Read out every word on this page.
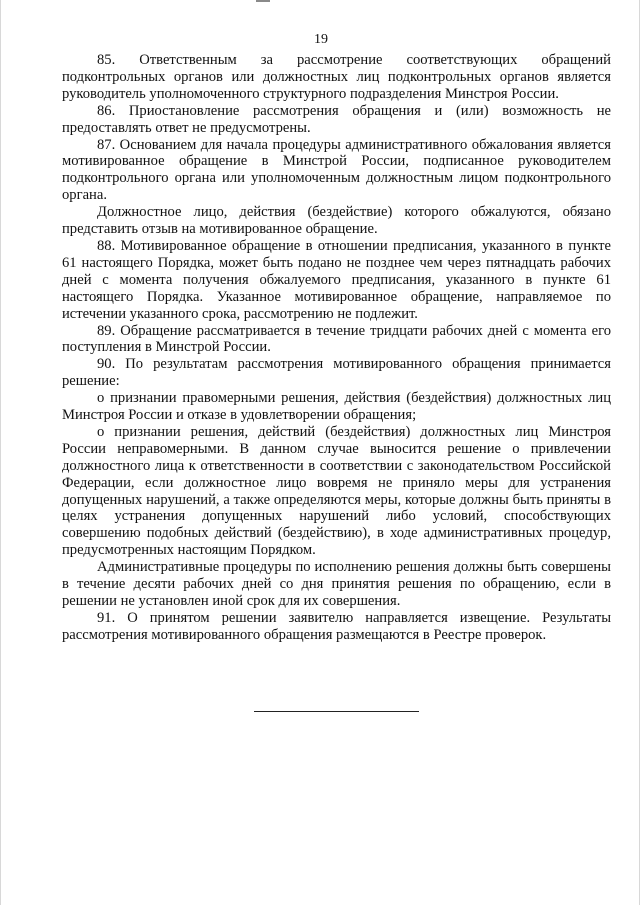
19

85. Ответственным за рассмотрение соответствующих обращений подконтрольных органов или должностных лиц подконтрольных органов является руководитель уполномоченного структурного подразделения Минстроя России.

86. Приостановление рассмотрения обращения и (или) возможность не предоставлять ответ не предусмотрены.

87. Основанием для начала процедуры административного обжалования является мотивированное обращение в Минстрой России, подписанное руководителем подконтрольного органа или уполномоченным должностным лицом подконтрольного органа.

Должностное лицо, действия (бездействие) которого обжалуются, обязано представить отзыв на мотивированное обращение.

88. Мотивированное обращение в отношении предписания, указанного в пункте 61 настоящего Порядка, может быть подано не позднее чем через пятнадцать рабочих дней с момента получения обжалуемого предписания, указанного в пункте 61 настоящего Порядка. Указанное мотивированное обращение, направляемое по истечении указанного срока, рассмотрению не подлежит.

89. Обращение рассматривается в течение тридцати рабочих дней с момента его поступления в Минстрой России.

90. По результатам рассмотрения мотивированного обращения принимается решение:

о признании правомерными решения, действия (бездействия) должностных лиц Минстроя России и отказе в удовлетворении обращения;

о признании решения, действий (бездействия) должностных лиц Минстроя России неправомерными. В данном случае выносится решение о привлечении должностного лица к ответственности в соответствии с законодательством Российской Федерации, если должностное лицо вовремя не приняло меры для устранения допущенных нарушений, а также определяются меры, которые должны быть приняты в целях устранения допущенных нарушений либо условий, способствующих совершению подобных действий (бездействию), в ходе административных процедур, предусмотренных настоящим Порядком.

Административные процедуры по исполнению решения должны быть совершены в течение десяти рабочих дней со дня принятия решения по обращению, если в решении не установлен иной срок для их совершения.

91. О принятом решении заявителю направляется извещение. Результаты рассмотрения мотивированного обращения размещаются в Реестре проверок.
